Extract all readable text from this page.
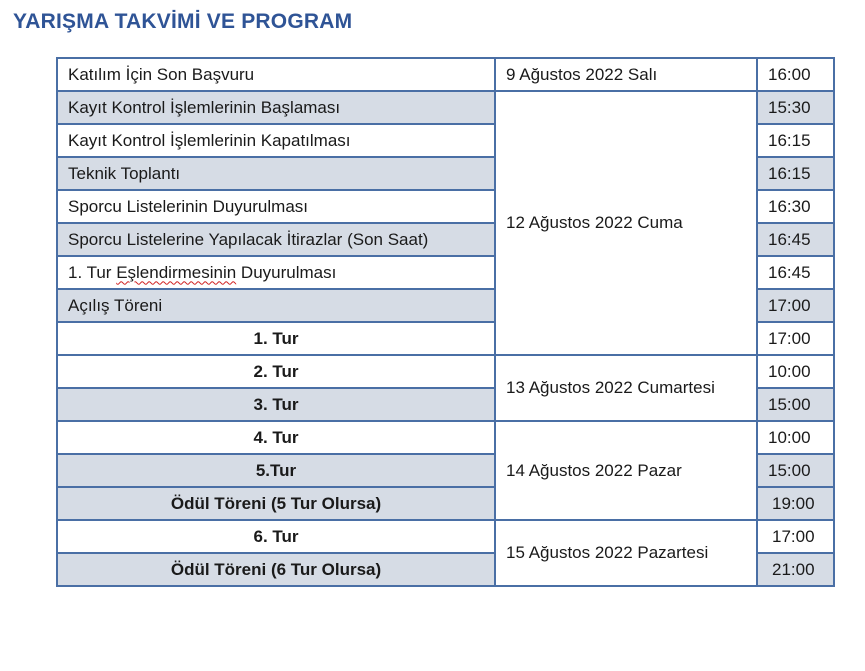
YARIŞMA TAKVİMİ VE PROGRAM
Katılım İçin Son Başvuru	9 Ağustos 2022 Salı	16:00
Kayıt Kontrol İşlemlerinin Başlaması	12 Ağustos 2022 Cuma	15:30
Kayıt Kontrol İşlemlerinin Kapatılması		16:15
Teknik Toplantı		16:15
Sporcu Listelerinin Duyurulması		16:30
Sporcu Listelerine Yapılacak İtirazlar (Son Saat)		16:45
1. Tur Eşlendirmesinin Duyurulması		16:45
Açılış Töreni		17:00
1. Tur		17:00
2. Tur	13 Ağustos 2022 Cumartesi	10:00
3. Tur		15:00
4. Tur	14 Ağustos 2022 Pazar	10:00
5.Tur		15:00
Ödül Töreni (5 Tur Olursa)		19:00
6. Tur	15 Ağustos 2022 Pazartesi	17:00
Ödül Töreni (6 Tur Olursa)		21:00
